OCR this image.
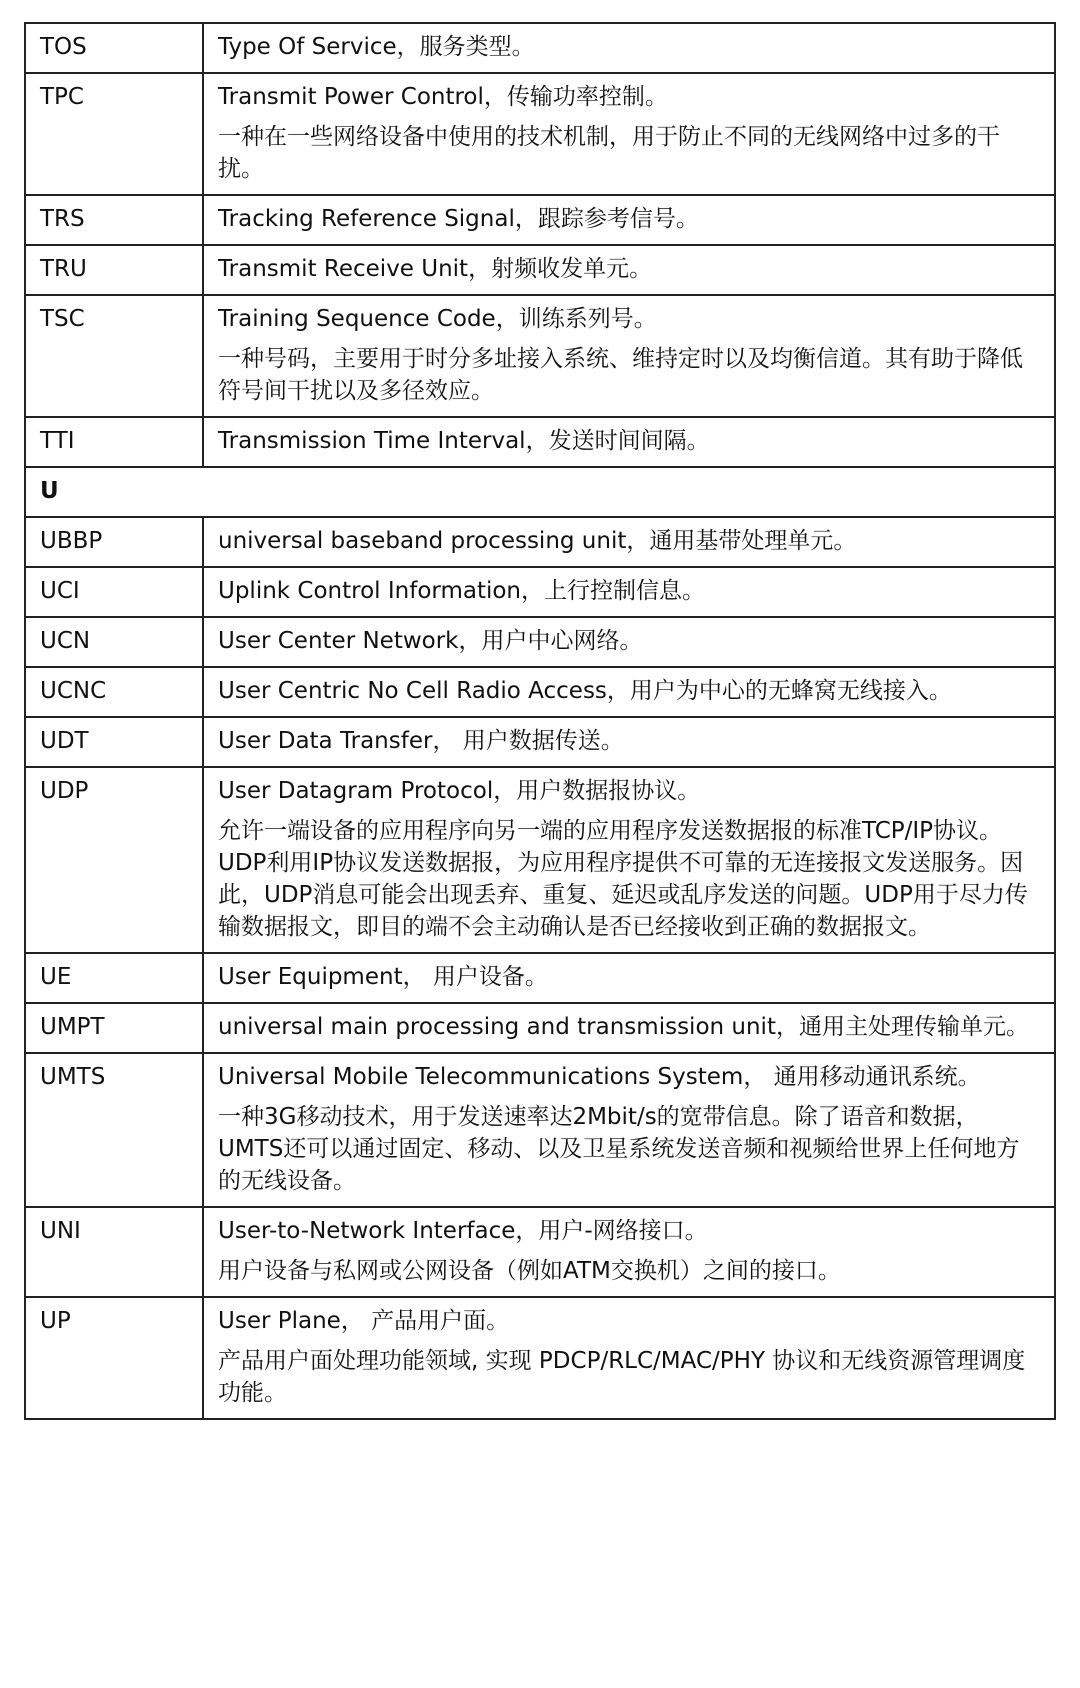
TOS	Type Of Service，服务类型。

TPC	Transmit Power Control，传输功率控制。

一种在一些网络设备中使用的技术机制，用于防止不同的无线网络中过多的干扰。

TRS	Tracking Reference Signal，跟踪参考信号。

TRU	Transmit Receive Unit，射频收发单元。

TSC	Training Sequence Code，训练系列号。

一种号码，主要用于时分多址接入系统、维持定时以及均衡信道。其有助于降低符号间干扰以及多径效应。

TTI	Transmission Time Interval，发送时间间隔。

U	
UBBP	universal baseband processing unit，通用基带处理单元。

UCI	Uplink Control Information，上行控制信息。

UCN	User Center Network，用户中心网络。

UCNC	User Centric No Cell Radio Access，用户为中心的无蜂窝无线接入。

UDT	User Data Transfer， 用户数据传送。

UDP	User Datagram Protocol，用户数据报协议。

允许一端设备的应用程序向另一端的应用程序发送数据报的标准TCP/IP协议。UDP利用IP协议发送数据报，为应用程序提供不可靠的无连接报文发送服务。因此，UDP消息可能会出现丢弃、重复、延迟或乱序发送的问题。UDP用于尽力传输数据报文，即目的端不会主动确认是否已经接收到正确的数据报文。

UE	User Equipment， 用户设备。

UMPT	universal main processing and transmission unit，通用主处理传输单元。

UMTS	Universal Mobile Telecommunications System， 通用移动通讯系统。

一种3G移动技术，用于发送速率达2Mbit/s的宽带信息。除了语音和数据，UMTS还可以通过固定、移动、以及卫星系统发送音频和视频给世界上任何地方的无线设备。

UNI	User-to-Network Interface，用户-网络接口。

用户设备与私网或公网设备（例如ATM交换机）之间的接口。

UP	User Plane， 产品用户面。

产品用户面处理功能领域, 实现 PDCP/RLC/MAC/PHY 协议和无线资源管理调度功能。
